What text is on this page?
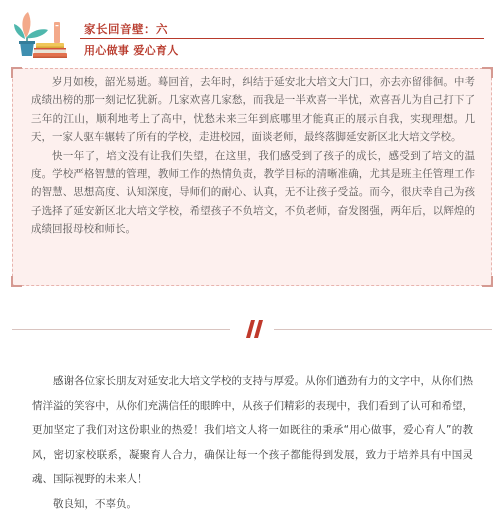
家长回音壁：六
用心做事 爱心育人

岁月如梭，韶光易逝。蓦回首，去年时，纠结于延安北大培文大门口，亦去亦留徘徊。中考成绩出榜的那一刻记忆犹新。几家欢喜几家愁，而我是一半欢喜一半忧，欢喜吾儿为自己打下了三年的江山，顺利地考上了高中，忧愁未来三年到底哪里才能真正的展示自我，实现理想。几天，一家人驱车辗转了所有的学校，走进校园，面谈老师，最终落脚延安新区北大培文学校。

快一年了，培文没有让我们失望，在这里，我们感受到了孩子的成长，感受到了培文的温度。学校严格智慧的管理，教师工作的热情负责，教学目标的清晰准确，尤其是班主任管理工作的智慧、思想高度、认知深度，导师们的耐心、认真，无不让孩子受益。而今，很庆幸自己为孩子选择了延安新区北大培文学校，希望孩子不负培文，不负老师，奋发图强，两年后，以辉煌的成绩回报母校和师长。

感谢各位家长朋友对延安北大培文学校的支持与厚爱。从你们遒劲有力的文字中，从你们热情洋溢的笑容中，从你们充满信任的眼眸中，从孩子们精彩的表现中，我们看到了认可和希望，更加坚定了我们对这份职业的热爱！我们培文人将一如既往的秉承“用心做事，爱心育人”的教风，密切家校联系，凝聚育人合力，确保让每一个孩子都能得到发展，致力于培养具有中国灵魂、国际视野的未来人！

敬良知，不辜负。
